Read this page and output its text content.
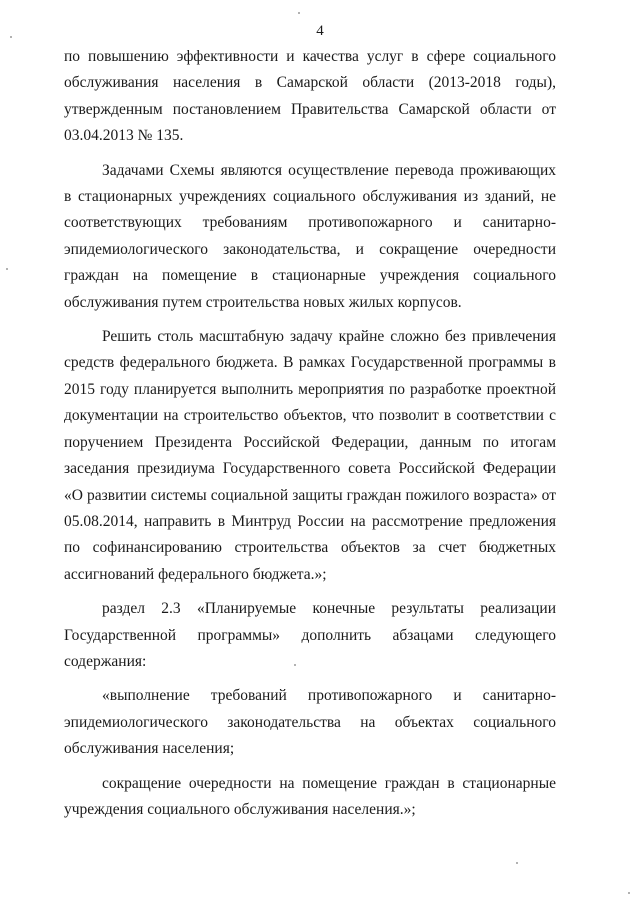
4

по повышению эффективности и качества услуг в сфере социального обслуживания населения в Самарской области (2013-2018 годы), утвержденным постановлением Правительства Самарской области от 03.04.2013 № 135.

Задачами Схемы являются осуществление перевода проживающих в стационарных учреждениях социального обслуживания из зданий, не соответствующих требованиям противопожарного и санитарно-эпидемиологического законодательства, и сокращение очередности граждан на помещение в стационарные учреждения социального обслуживания путем строительства новых жилых корпусов.

Решить столь масштабную задачу крайне сложно без привлечения средств федерального бюджета. В рамках Государственной программы в 2015 году планируется выполнить мероприятия по разработке проектной документации на строительство объектов, что позволит в соответствии с поручением Президента Российской Федерации, данным по итогам заседания президиума Государственного совета Российской Федерации «О развитии системы социальной защиты граждан пожилого возраста» от 05.08.2014, направить в Минтруд России на рассмотрение предложения по софинансированию строительства объектов за счет бюджетных ассигнований федерального бюджета.»;

раздел 2.3 «Планируемые конечные результаты реализации Государственной программы» дополнить абзацами следующего содержания:

«выполнение требований противопожарного и санитарно-эпидемиологического законодательства на объектах социального обслуживания населения;

сокращение очередности на помещение граждан в стационарные учреждения социального обслуживания населения.»;
